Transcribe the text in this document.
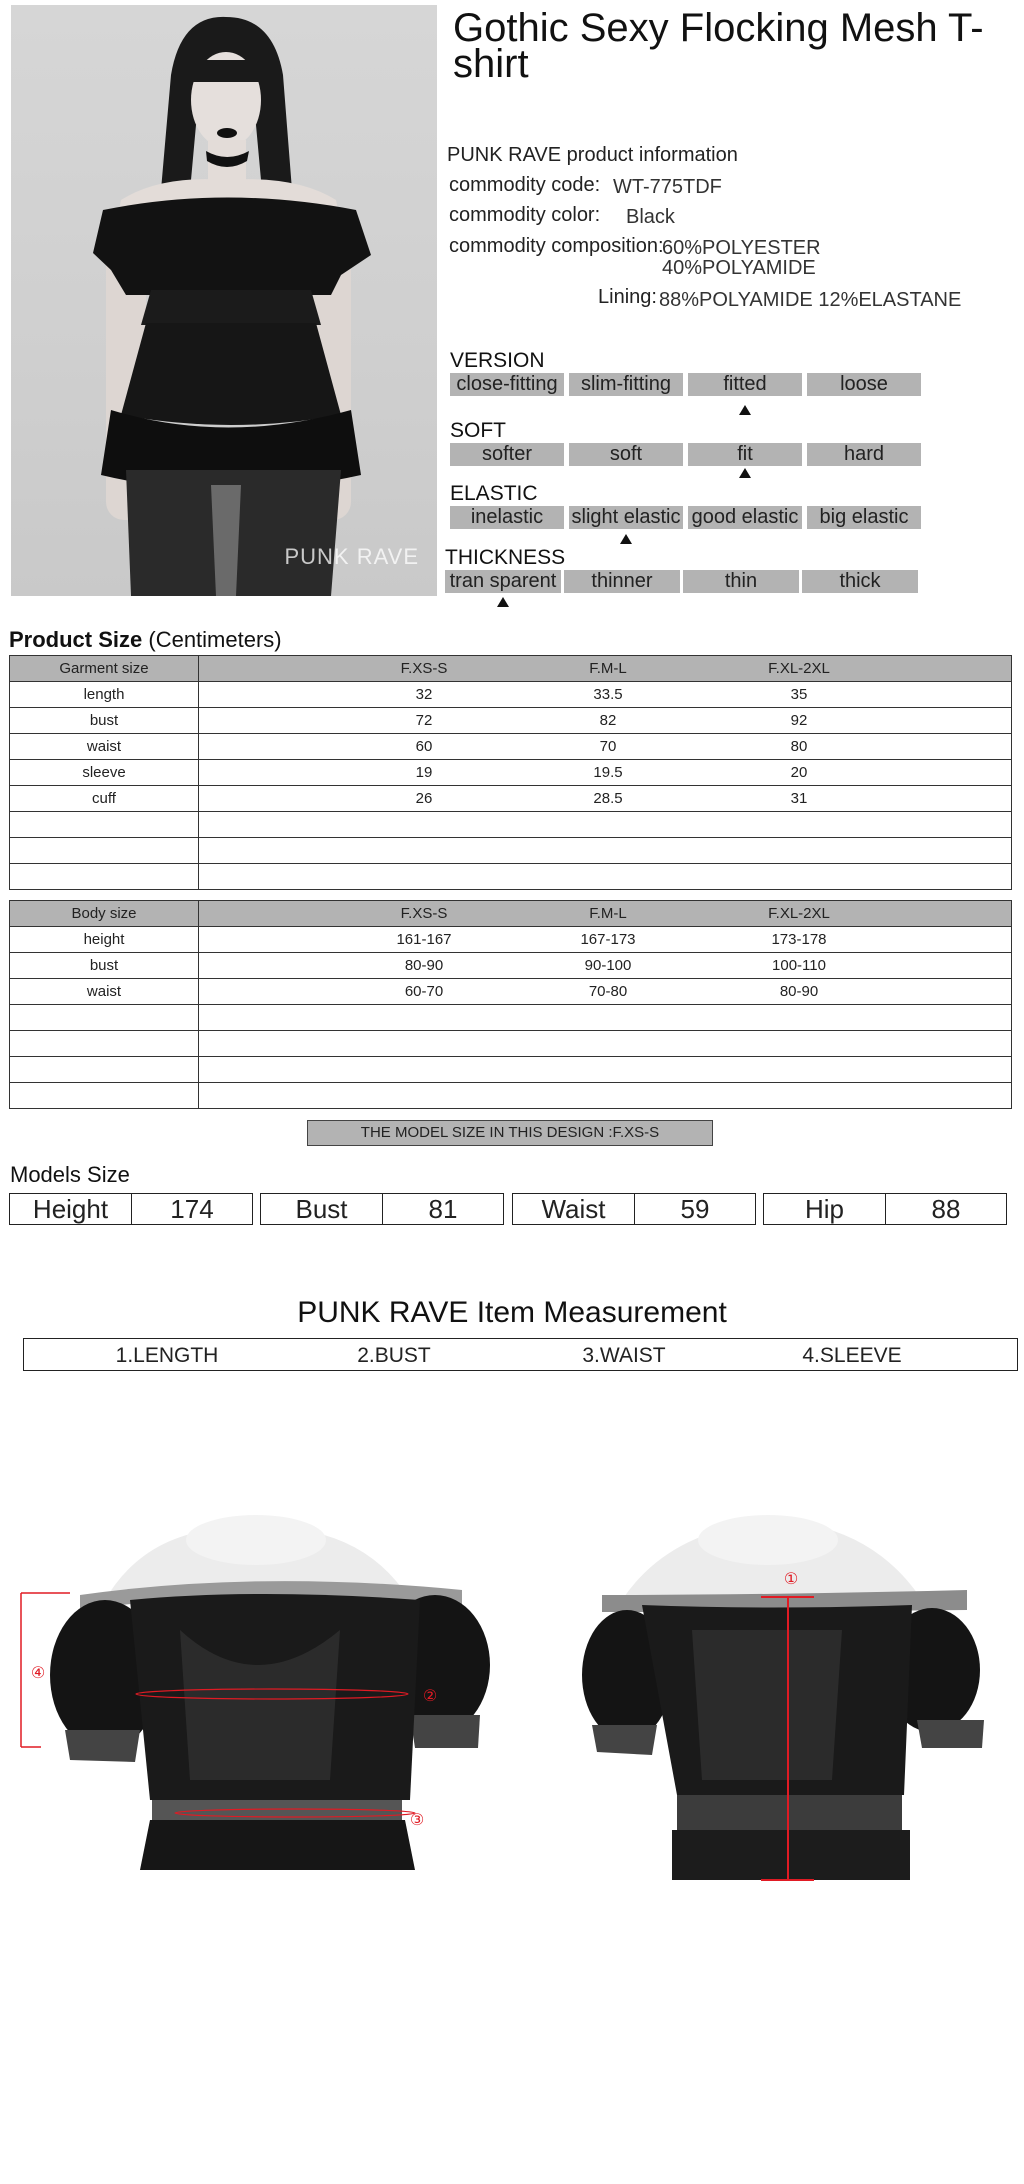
PUNK RAVE
Gothic Sexy Flocking Mesh T-shirt
PUNK RAVE product information
commodity code: WT-775TDF
commodity color: Black
commodity composition:
60%POLYESTER
40%POLYAMIDE
Lining: 88%POLYAMIDE 12%ELASTANE
VERSION
close-fitting	slim-fitting	fitted	loose
SOFT
softer	soft	fit	hard
ELASTIC
inelastic	slight elastic good elastic	big elastic
THICKNESS
tran sparent	thinner	thin	thick
Product Size (Centimeters)
Garment size	F.XS-S F.M-L F.XL-2XL

length	32 33.5 35

bust	72 82 92

waist	60 70 80

sleeve	19 19.5 20

cuff	26 28.5 31

Body size	F.XS-S F.M-L F.XL-2XL

height	161-167 167-173 173-178

bust	80-90 90-100 100-110

waist	60-70 70-80 80-90

THE MODEL SIZE IN THIS DESIGN :F.XS-S
Models Size
Height	174	Bust	81	Waist	59	Hip	88
PUNK RAVE Item Measurement
1.LENGTH	2.BUST	3.WAIST	4.SLEEVE
④
②
③
①
